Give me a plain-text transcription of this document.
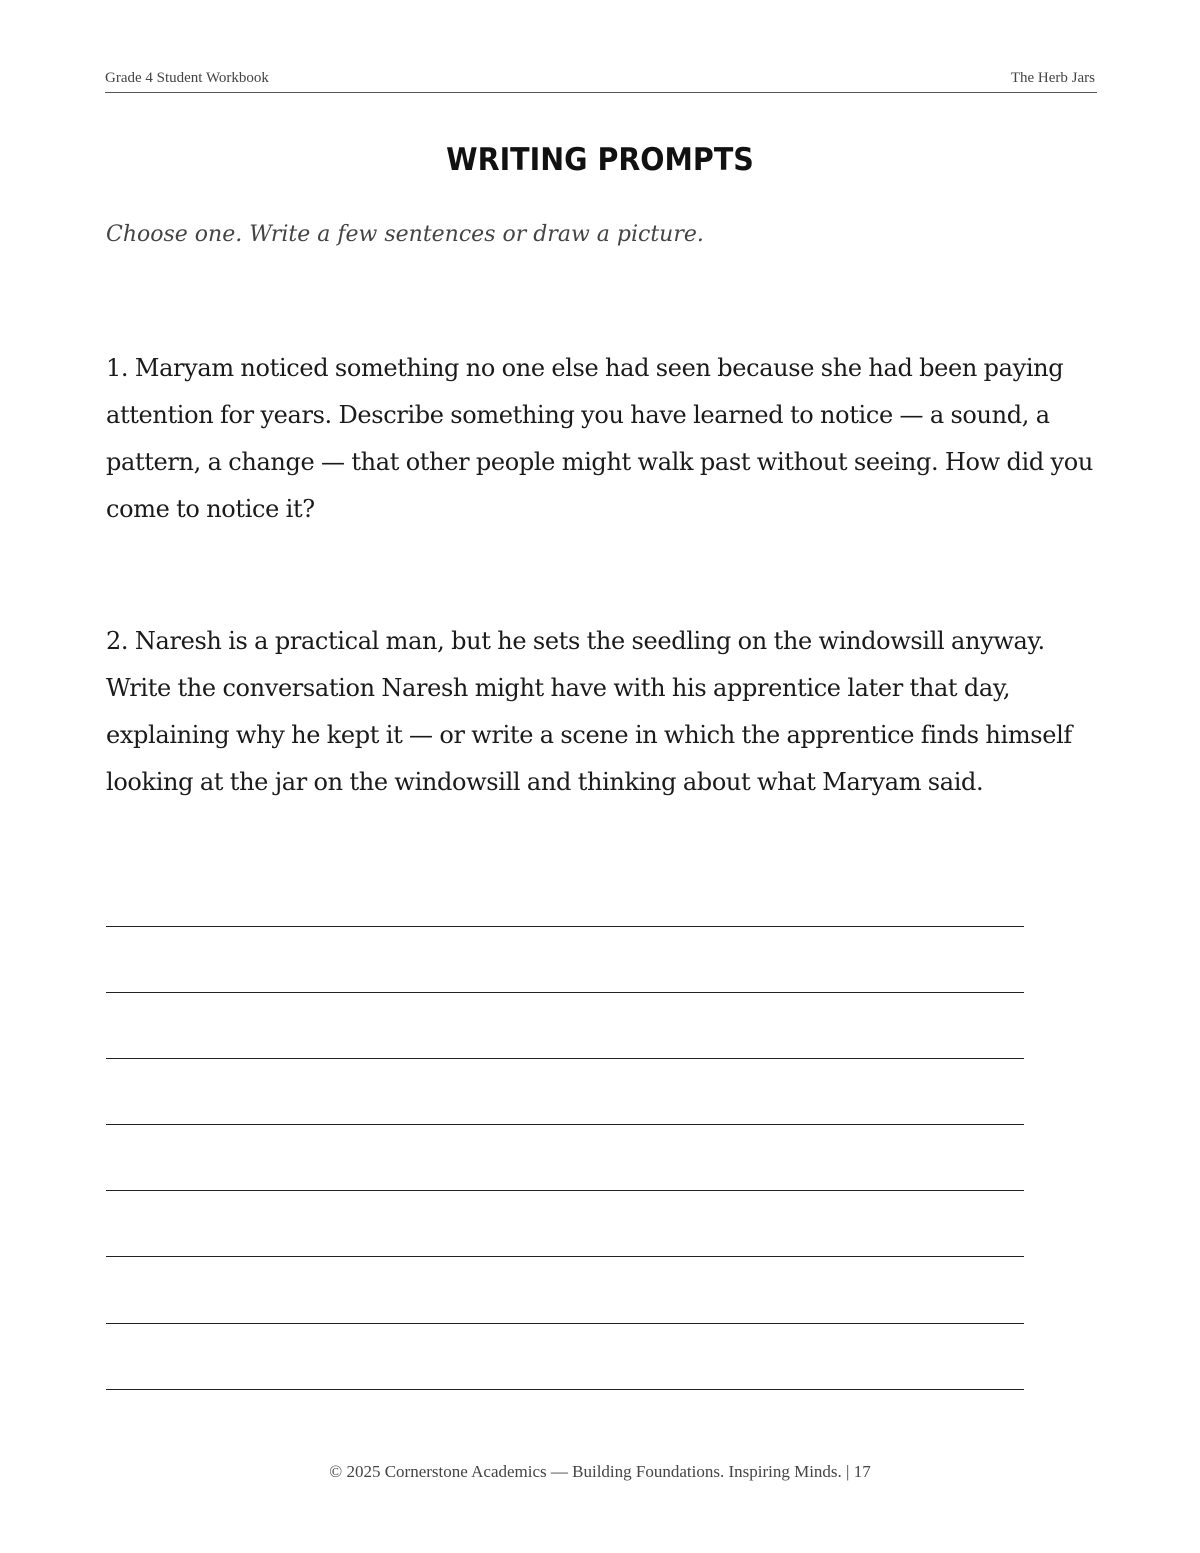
Grade 4 Student Workbook	The Herb Jars
WRITING PROMPTS
Choose one. Write a few sentences or draw a picture.
1. Maryam noticed something no one else had seen because she had been paying attention for years. Describe something you have learned to notice — a sound, a pattern, a change — that other people might walk past without seeing. How did you come to notice it?
2. Naresh is a practical man, but he sets the seedling on the windowsill anyway. Write the conversation Naresh might have with his apprentice later that day, explaining why he kept it — or write a scene in which the apprentice finds himself looking at the jar on the windowsill and thinking about what Maryam said.
© 2025 Cornerstone Academics — Building Foundations. Inspiring Minds. | 17
